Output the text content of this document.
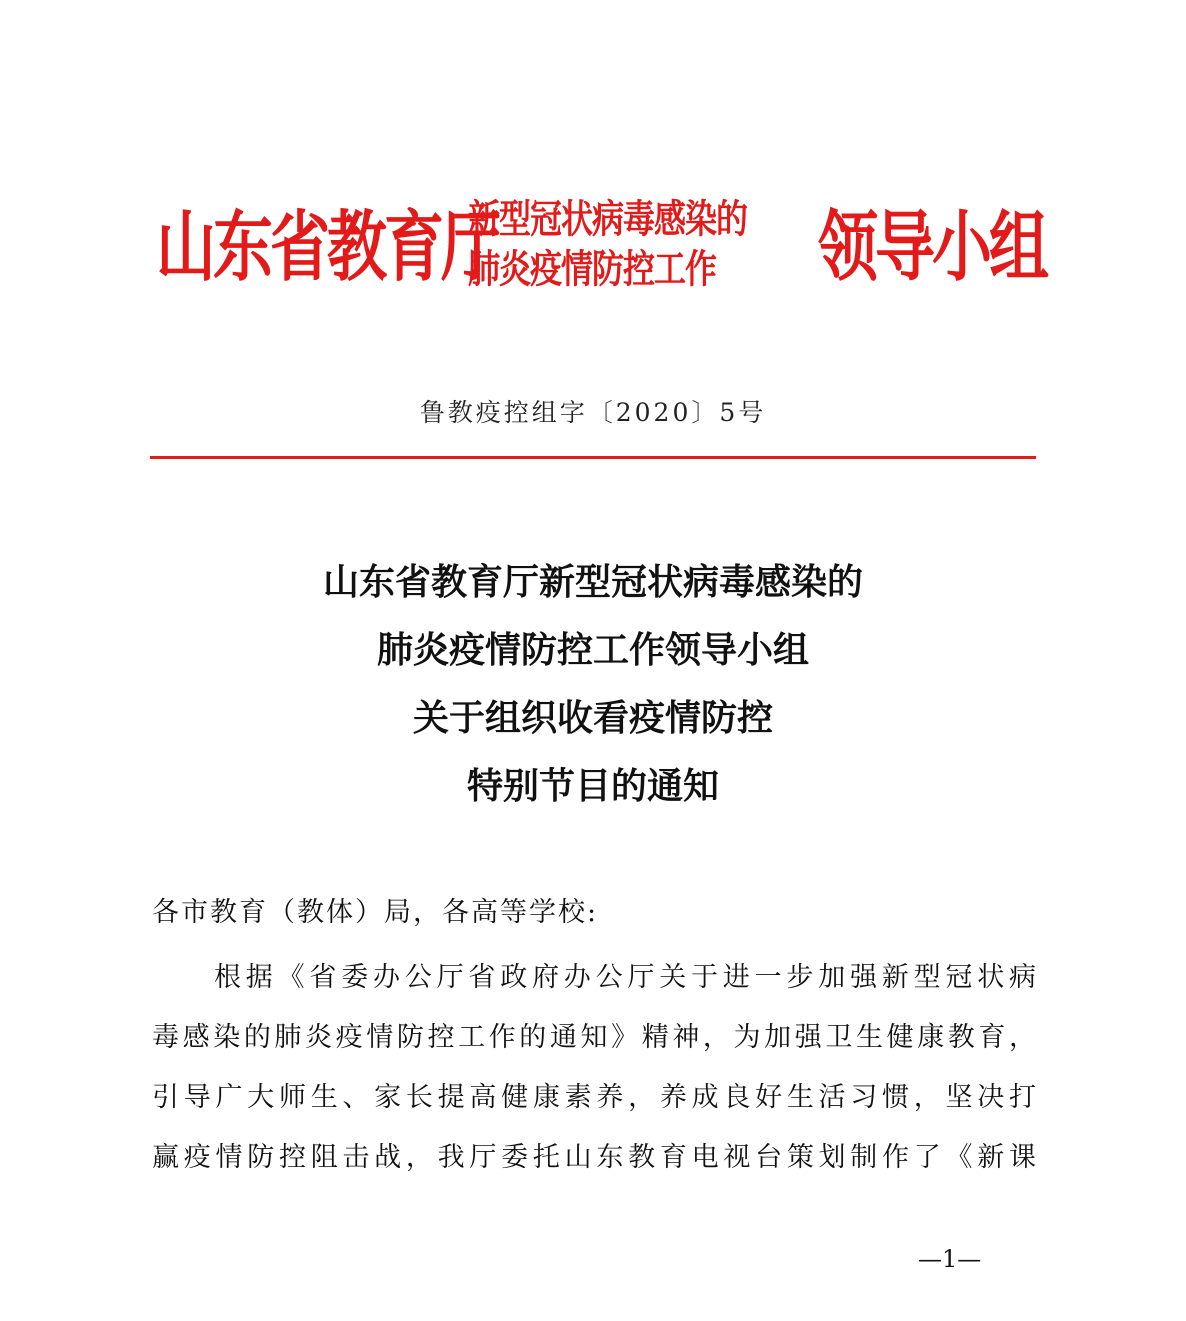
山东省教育厅
新型冠状病毒感染的
肺炎疫情防控工作	领导小组
鲁教疫控组字〔2020〕5号
山东省教育厅新型冠状病毒感染的
肺炎疫情防控工作领导小组
关于组织收看疫情防控
特别节目的通知
各市教育（教体）局，各高等学校:
根据《省委办公厅省政府办公厅关于进一步加强新型冠状病
毒感染的肺炎疫情防控工作的通知》精神，为加强卫生健康教育，
引导广大师生、家长提高健康素养，养成良好生活习惯，坚决打
赢疫情防控阻击战，我厅委托山东教育电视台策划制作了《新课
—1—
